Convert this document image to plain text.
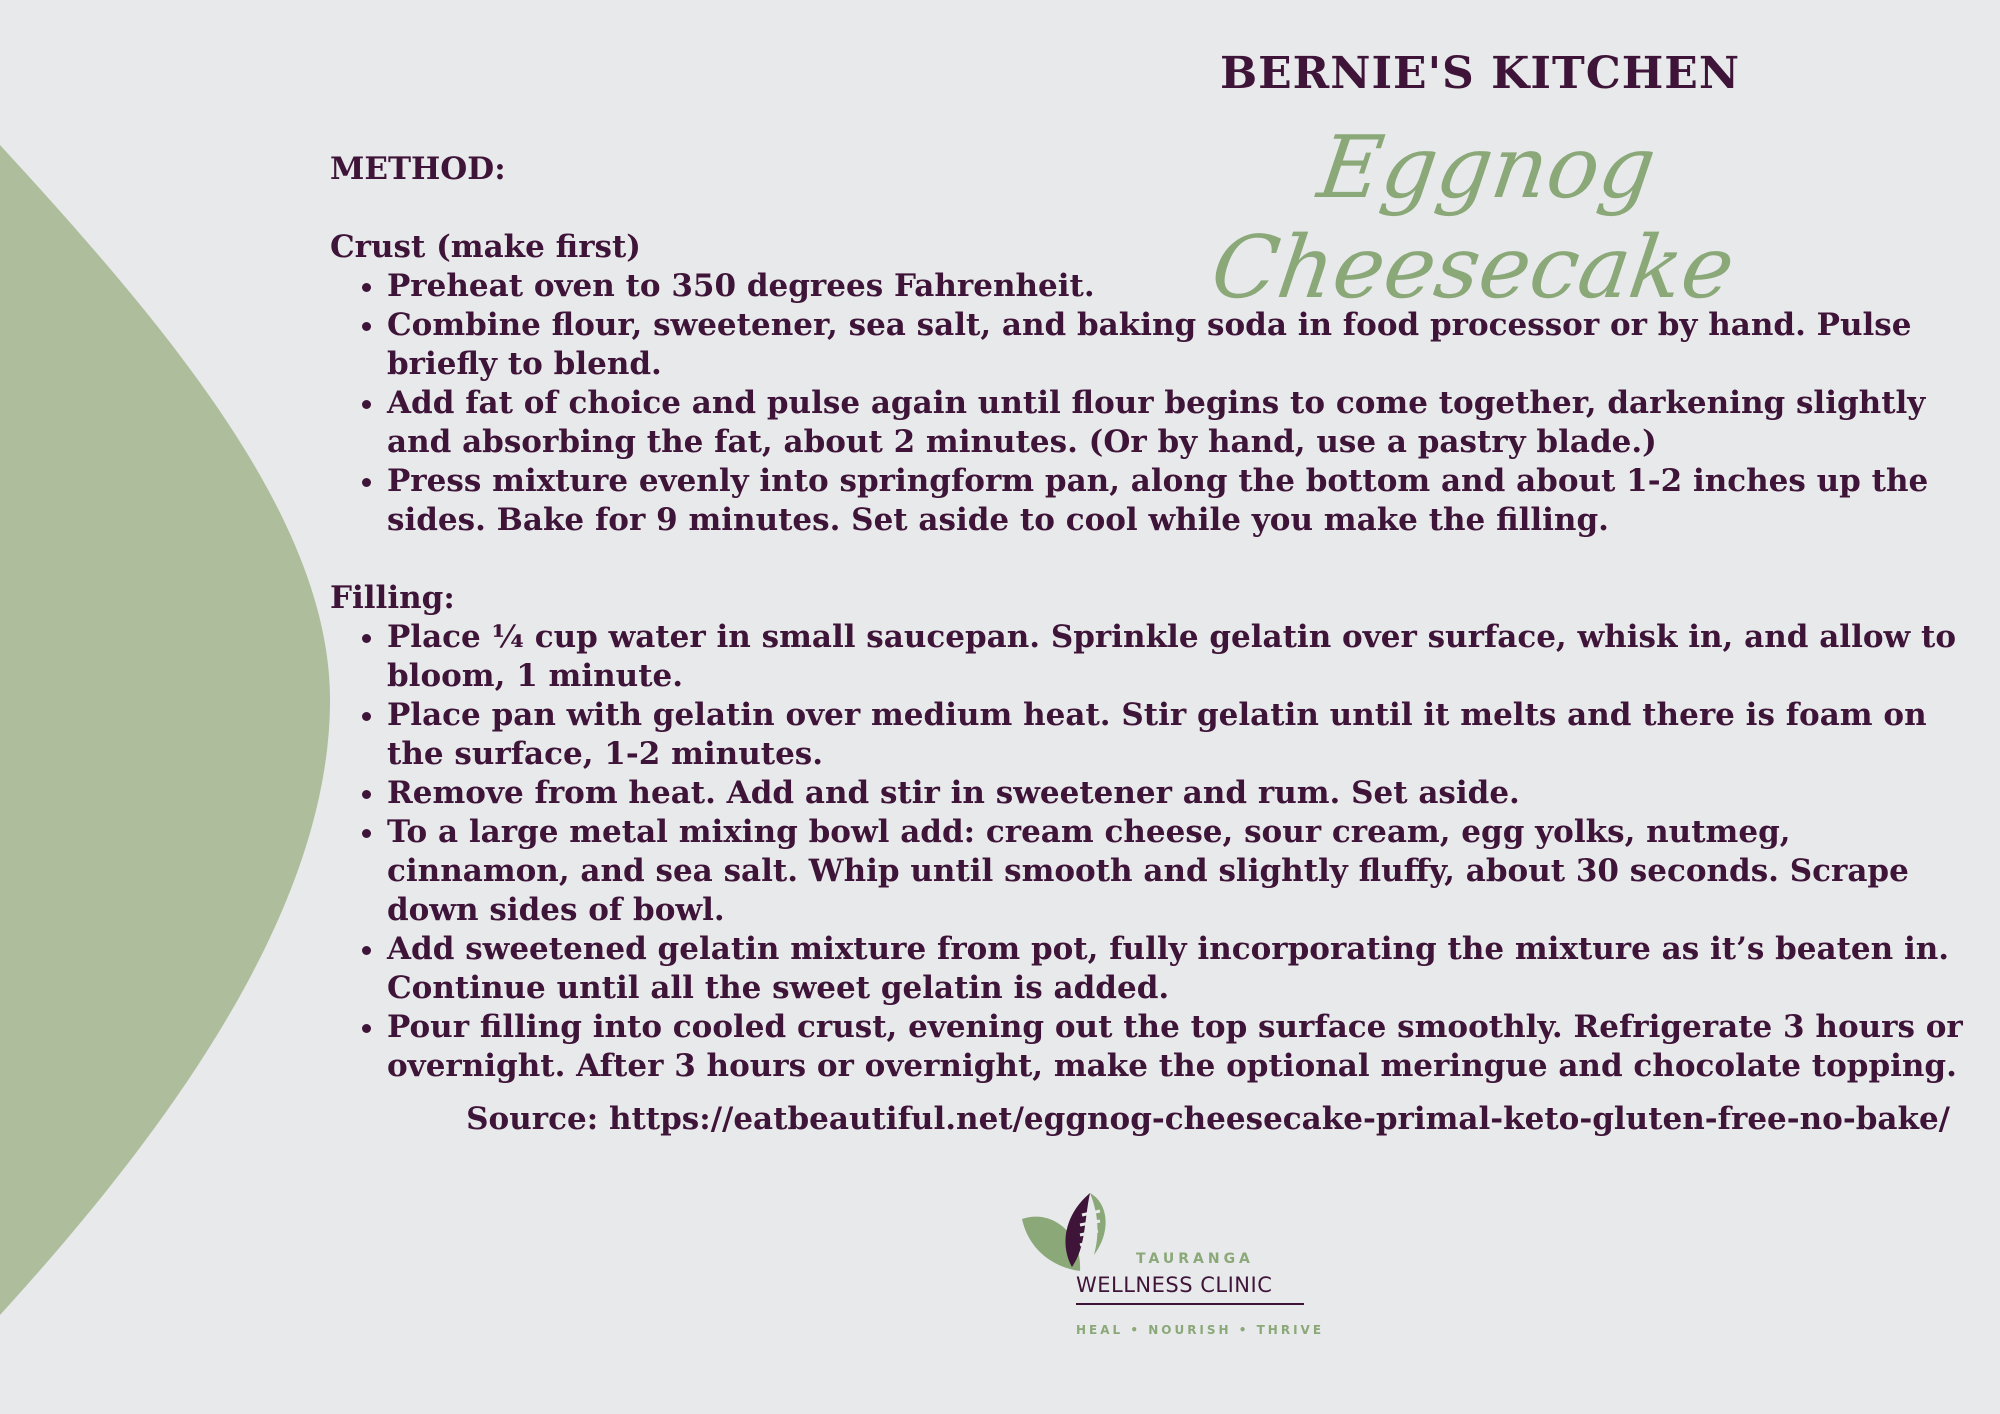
BERNIE'S KITCHEN
Eggnog Cheesecake

METHOD:

Crust (make first)

• Preheat oven to 350 degrees Fahrenheit.
• Combine flour, sweetener, sea salt, and baking soda in food processor or by hand. Pulse briefly to blend.
• Add fat of choice and pulse again until flour begins to come together, darkening slightly and absorbing the fat, about 2 minutes. (Or by hand, use a pastry blade.)
• Press mixture evenly into springform pan, along the bottom and about 1-2 inches up the sides. Bake for 9 minutes. Set aside to cool while you make the filling.

Filling:

• Place ¼ cup water in small saucepan. Sprinkle gelatin over surface, whisk in, and allow to bloom, 1 minute.
• Place pan with gelatin over medium heat. Stir gelatin until it melts and there is foam on the surface, 1-2 minutes.
• Remove from heat. Add and stir in sweetener and rum. Set aside.
• To a large metal mixing bowl add: cream cheese, sour cream, egg yolks, nutmeg, cinnamon, and sea salt. Whip until smooth and slightly fluffy, about 30 seconds. Scrape down sides of bowl.
• Add sweetened gelatin mixture from pot, fully incorporating the mixture as it’s beaten in. Continue until all the sweet gelatin is added.
• Pour filling into cooled crust, evening out the top surface smoothly. Refrigerate 3 hours or overnight. After 3 hours or overnight, make the optional meringue and chocolate topping.
Source: https://eatbeautiful.net/eggnog-cheesecake-primal-keto-gluten-free-no-bake/
TAURANGA
WELLNESS CLINIC
HEAL • NOURISH • THRIVE
